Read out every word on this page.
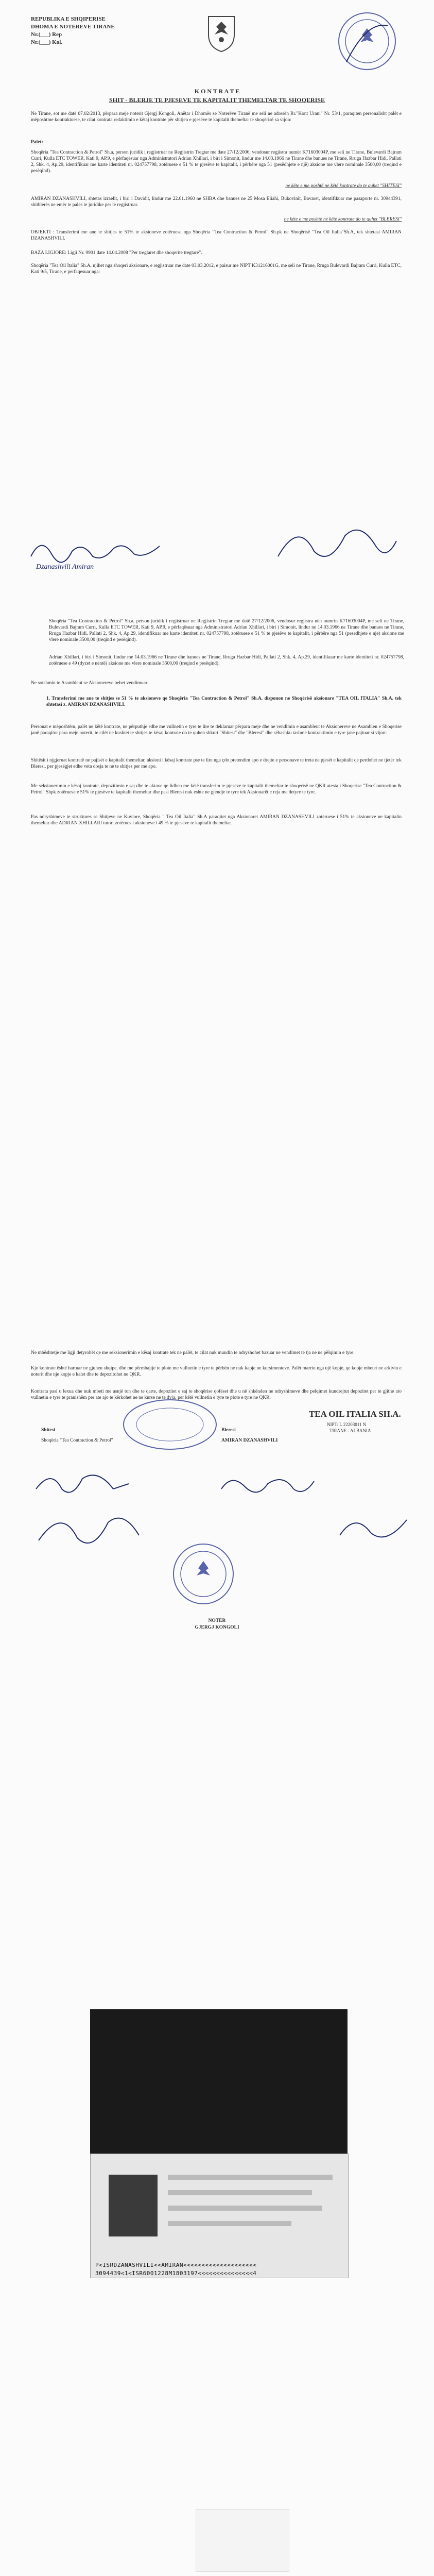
REPUBLIKA E SHQIPERISE
DHOMA E NOTEREVE TIRANE
Nr.(___) Rep
Nr.(___) Kol.
K O N T R A T E
SHIT - BLERJE TE PJESEVE TE KAPITALIT THEMELTAR TE SHOQERISE
Ne Tirane, sot me datë 07.02/2013, përpara meje noterit Gjergj Kongoli, Anëtar i Dhomës se Noterëve Tiranë me seli ne adresën Rr."Kont Urani" Nr. 53/1, paraqiten personalisht palët e mëposhtme kontraktuese, te cilat kontrata redaktimin e këtaj kontrate për shitjen e pjesëve te kapitalit themeltar te shoqërisë sa vijon:
Palet:
Shoqëria "Tea Contraction & Petrol" Sh.a, person juridik i regjistruar ne Regjistrin Tregtar me date 27/12/2006, vendosur regjistra numër K71603004P, me seli ne Tirane, Bulevardi Bajram Curri, Kulla ETC TOWER, Kati 9, AP.9, e përfaqësuar nga Administratori Adrian Xhillari, i biri i Simonit, lindur me 14.03.1966 ne Tirane dhe banues ne Tirane, Rruga Hazbar Hidi, Pallati 2, Shk. 4, Ap.29, identifikuar me karte identiteti nr. 024757798, zotëruese e 51 % te pjesëve te kapitalit, i përbëre nga 51 (pesëdhjete e një) aksione me vlere nominale 3500,00 (treqind e pesëqind).
ne këte e me poshtë ne këtë kontrate do te quhet "SHITESI"
AMIRAN DZANASHVILI, shtetas izraelit, i biri i Davidit, lindur me 22.01.1960 ne SHBA dhe banues ne 25 Mosa Eliahi, Bukovinit, Bavaret, identifikuar me pasaporte nr. 30944391, shitblerës ne emër te palës te juridike per te regjistruar.
ne këte e me poshtë ne këtë kontrate do te quhet "BLERESI"
OBJEKTI : Transferimi me ane te shitjes te 51% te aksioneve zotëruese nga Shoqëria "Tea Contraction & Petrol" Sh.pk ne Shoqërisë "Tea Oil Italia"Sh.A, tek shtetasi AMIRAN DZANASHVILI.
BAZA LIGJORE: Ligji Nr. 9901 date 14.04.2008 "Per tregtaret dhe shoqerite tregtare".
Shoqëria "Tea Oil Italia" Sh.A, njihet nga shoqeri aksionare, e regjistruar me date 03.03.2012, e paisur me NIPT K31216001G, me seli ne Tirane, Rruga Bulevardi Bajram Curri, Kulla ETC, Kati 9/5, Tirane, e perfaqesuar nga:
Dzanashvili Amiran
Shoqëria "Tea Contraction & Petrol" Sh.a, person juridik i regjistruar ne Regjistrin Tregtar me datë 27/12/2006, vendosur regjistra nën numrin K71603004P, me seli ne Tirane, Bulevardi Bajram Curri, Kulla ETC TOWER, Kati 9, AP.9, e përfaqësuar nga Administratori Adrian Xhillari, i biri i Simonit, lindur ne 14.03.1966 ne Tirane dhe banues ne Tirane, Rruga Hazbar Hidi, Pallati 2, Shk. 4, Ap.29, identifikuar me karte identiteti nr. 024757798, zotëruese e 51 % te pjesëve te kapitalit, i përbëre nga 51 (pesedhjete e nje) aksione me vlere nominale 3500,00 (treqind e pesëqind).
Adrian Xhillari, i biri i Simonit, lindur me 14.03.1966 ne Tirane dhe banues ne Tirane, Rruga Hazbar Hidi, Pallati 2, Shk. 4, Ap.29, identifikuar me karte identiteti nr. 024757798, zotëruese e 49 (dyzet e nëntë) aksione me vlere nominale 3500,00 (treqind e pesëqind).
Ne sotshmin te Asambleut se Aksionereve behet vendimuar:
1. Transferimi me ane te shitjes se 51 % te aksioneve qe Shoqëria "Tea Contraction & Petrol" Sh.A. disponon ne Shoqërisë aksionare "TEA OIL ITALIA" Sh.A. tek shtetasi z. AMIRAN DZANASHVILI.
Personat e mëposhtëm, palët ne këtë kontrate, ne përputhje edhe me vullnetin e tyre te lire te deklaruar përpara meje dhe ne vendimin e asambleut te Aksionereve ne Asamblen e Shoqerise janë paraqitur para meje noterit, te cilët ne kushtet te shitjes te kësaj kontrate do te quhen shkurt "Shitesi" dhe "Bleresi" dhe sëbashku tashmë kontraktimin e tyre jane pajtuar si vijon:
Shitësit i njgjeruat kontratë ne pajisët e kapitalit themeltar, aksioni i kësaj kontrate pse te lire nga çdo pretendim apo e drejte e personave te treta ne pjesët e kapitalit qe perdohet ne tjetër tek Bleresi, per pjesëgjet edhe veta dosja te ne te shitjes per me apo.
Me seksionerimin e kësaj kontrate, depozitimin e saj dhe te aktave qe lidhen me këtë transferim te pjesëve te kapitalit themeltar te shoqerisë ne QKR atesta i Shoqerise "Tea Contraction & Petrol" Shpk zotëruese e 51% te pjesëve te kapitalit themeltar dhe pasi Bleresi nuk eshte ne gjendje te tyre tek Aksionarët e reja me detyre te tyre.
Pas ndryshimeve te struktures se Shitjeve ne Kuviore, Shoqëria " Tea Oil Italia" Sh.A paraqitet nga Aksionaret AMIRAN DZANASHVILI zotëruese i 51% te aksioneve ne kapitalin themeltar dhe ADRIAN XHILLARI tutori zotërues i aksioneve i 49 % te pjesëve te kapitalit themeltar.
Ne mbështetje me ligji detyrohët qe me seksionerimin e kësaj kontrate tek ne palët, te cilat nuk mundin te ndryshohet bazuar ne vendimet te tja ne ne pëlqimin e tyre.
Kjo kontrate është hartuar ne gjuhen shqipe, dhe me përmbajtje te plote me vullnetin e tyre te përbën ne nuk kapje ne kursimenteve. Palët marrin nga ujë kopje, qe kopje mbetet ne arkivin e noterit dhe nje kopje e kalet dhe te depozitohet ne QKR.
Kontrata pasi u lexua dhe nuk mbeti me asnjë ton dhe te qarte, depozitet e saj te shoqërise qofëset dhe u në shkënden ne ndryshimeve dhe pelqimet kundrejtut depozitet per te gjithe ato vullnetin e tyre te pranishëm per ate ajo te kërkohet ne ne kurse ne te dyja, per këtë vullnetin e tyre te plote e tyre ne QKR.
Shitesi
Shoqëria "Tea Contraction & Petrol"
Bleresi
AMIRAN DZANASHVILI
TEA OIL ITALIA SH.A.
NIPT: L 22203011 N
TIRANE - ALBANIA
NOTER
GJERGJ KONGOLI
P<ISRDZANASHVILI<<AMIRAN<<<<<<<<<<<<<<<<<<<<
3094439<1<ISR6001228M1803197<<<<<<<<<<<<<<<4
